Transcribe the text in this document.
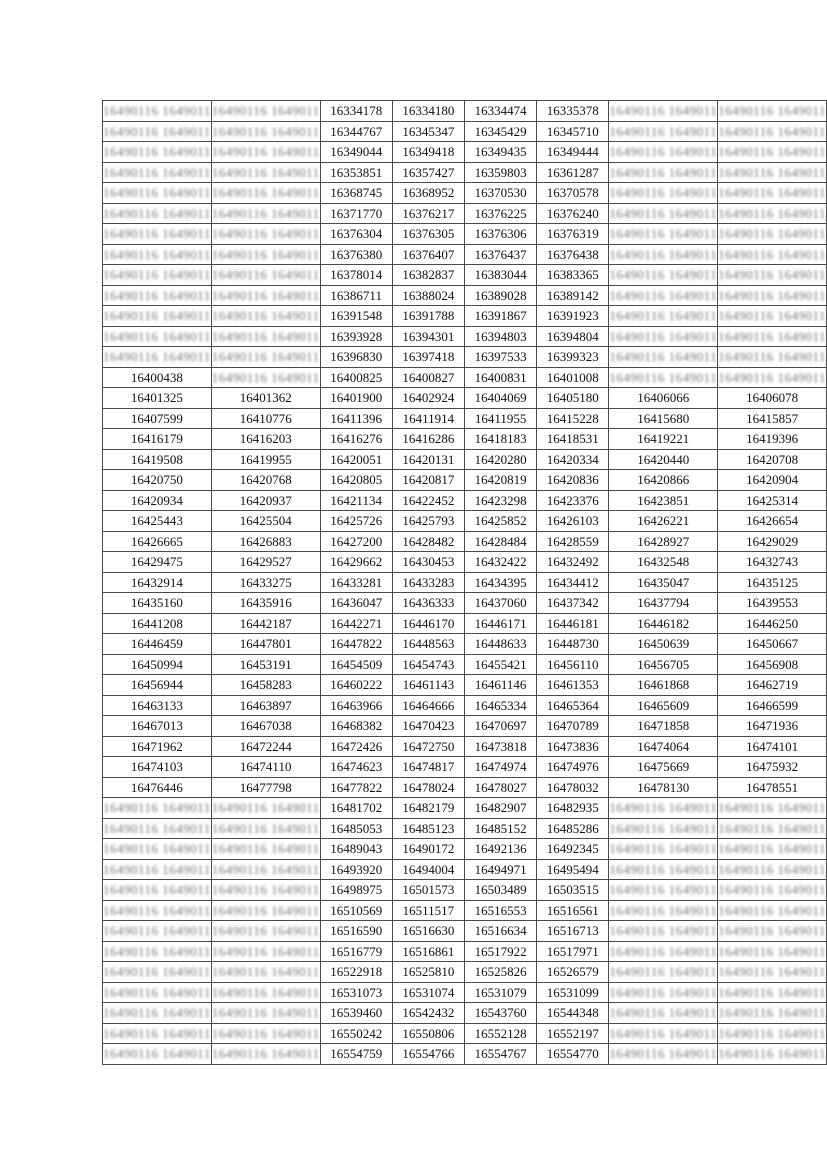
16490116 1649011	16490116 1649011	16334178	16334180	16334474	16335378	16490116 1649011	16490116 1649011
16490116 1649011	16490116 1649011	16344767	16345347	16345429	16345710	16490116 1649011	16490116 1649011
16490116 1649011	16490116 1649011	16349044	16349418	16349435	16349444	16490116 1649011	16490116 1649011
16490116 1649011	16490116 1649011	16353851	16357427	16359803	16361287	16490116 1649011	16490116 1649011
16490116 1649011	16490116 1649011	16368745	16368952	16370530	16370578	16490116 1649011	16490116 1649011
16490116 1649011	16490116 1649011	16371770	16376217	16376225	16376240	16490116 1649011	16490116 1649011
16490116 1649011	16490116 1649011	16376304	16376305	16376306	16376319	16490116 1649011	16490116 1649011
16490116 1649011	16490116 1649011	16376380	16376407	16376437	16376438	16490116 1649011	16490116 1649011
16490116 1649011	16490116 1649011	16378014	16382837	16383044	16383365	16490116 1649011	16490116 1649011
16490116 1649011	16490116 1649011	16386711	16388024	16389028	16389142	16490116 1649011	16490116 1649011
16490116 1649011	16490116 1649011	16391548	16391788	16391867	16391923	16490116 1649011	16490116 1649011
16490116 1649011	16490116 1649011	16393928	16394301	16394803	16394804	16490116 1649011	16490116 1649011
16490116 1649011	16490116 1649011	16396830	16397418	16397533	16399323	16490116 1649011	16490116 1649011
16400438	16490116 1649011	16400825	16400827	16400831	16401008	16490116 1649011	16490116 1649011
16401325	16401362	16401900	16402924	16404069	16405180	16406066	16406078
16407599	16410776	16411396	16411914	16411955	16415228	16415680	16415857
16416179	16416203	16416276	16416286	16418183	16418531	16419221	16419396
16419508	16419955	16420051	16420131	16420280	16420334	16420440	16420708
16420750	16420768	16420805	16420817	16420819	16420836	16420866	16420904
16420934	16420937	16421134	16422452	16423298	16423376	16423851	16425314
16425443	16425504	16425726	16425793	16425852	16426103	16426221	16426654
16426665	16426883	16427200	16428482	16428484	16428559	16428927	16429029
16429475	16429527	16429662	16430453	16432422	16432492	16432548	16432743
16432914	16433275	16433281	16433283	16434395	16434412	16435047	16435125
16435160	16435916	16436047	16436333	16437060	16437342	16437794	16439553
16441208	16442187	16442271	16446170	16446171	16446181	16446182	16446250
16446459	16447801	16447822	16448563	16448633	16448730	16450639	16450667
16450994	16453191	16454509	16454743	16455421	16456110	16456705	16456908
16456944	16458283	16460222	16461143	16461146	16461353	16461868	16462719
16463133	16463897	16463966	16464666	16465334	16465364	16465609	16466599
16467013	16467038	16468382	16470423	16470697	16470789	16471858	16471936
16471962	16472244	16472426	16472750	16473818	16473836	16474064	16474101
16474103	16474110	16474623	16474817	16474974	16474976	16475669	16475932
16476446	16477798	16477822	16478024	16478027	16478032	16478130	16478551
16490116 1649011	16490116 1649011	16481702	16482179	16482907	16482935	16490116 1649011	16490116 1649011
16490116 1649011	16490116 1649011	16485053	16485123	16485152	16485286	16490116 1649011	16490116 1649011
16490116 1649011	16490116 1649011	16489043	16490172	16492136	16492345	16490116 1649011	16490116 1649011
16490116 1649011	16490116 1649011	16493920	16494004	16494971	16495494	16490116 1649011	16490116 1649011
16490116 1649011	16490116 1649011	16498975	16501573	16503489	16503515	16490116 1649011	16490116 1649011
16490116 1649011	16490116 1649011	16510569	16511517	16516553	16516561	16490116 1649011	16490116 1649011
16490116 1649011	16490116 1649011	16516590	16516630	16516634	16516713	16490116 1649011	16490116 1649011
16490116 1649011	16490116 1649011	16516779	16516861	16517922	16517971	16490116 1649011	16490116 1649011
16490116 1649011	16490116 1649011	16522918	16525810	16525826	16526579	16490116 1649011	16490116 1649011
16490116 1649011	16490116 1649011	16531073	16531074	16531079	16531099	16490116 1649011	16490116 1649011
16490116 1649011	16490116 1649011	16539460	16542432	16543760	16544348	16490116 1649011	16490116 1649011
16490116 1649011	16490116 1649011	16550242	16550806	16552128	16552197	16490116 1649011	16490116 1649011
16490116 1649011	16490116 1649011	16554759	16554766	16554767	16554770	16490116 1649011	16490116 1649011
